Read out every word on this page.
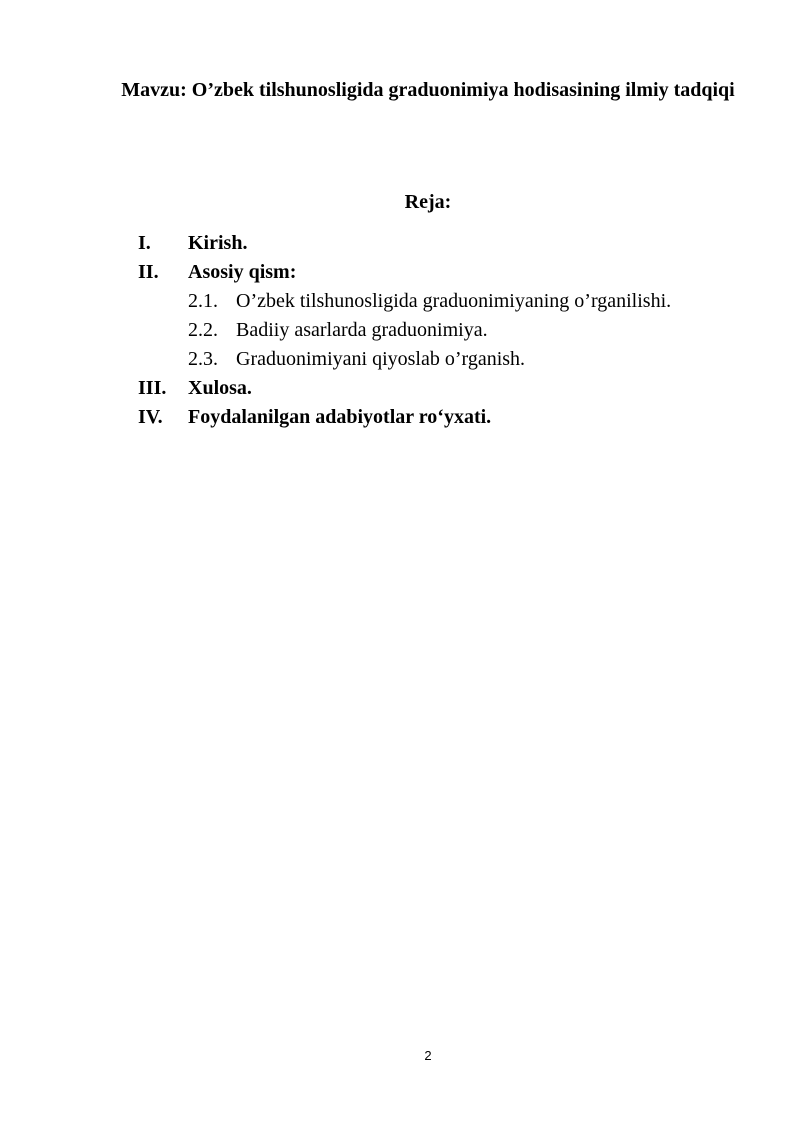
Mavzu: O’zbek tilshunosligida graduonimiya hodisasining ilmiy tadqiqi
Reja:
I. Kirish.
II. Asosiy qism:
2.1. O’zbek tilshunosligida graduonimiyaning o’rganilishi.
2.2. Badiiy asarlarda graduonimiya.
2.3. Graduonimiyani qiyoslab o’rganish.
III. Xulosa.
IV. Foydalanilgan adabiyotlar ro‘yxati.
2
